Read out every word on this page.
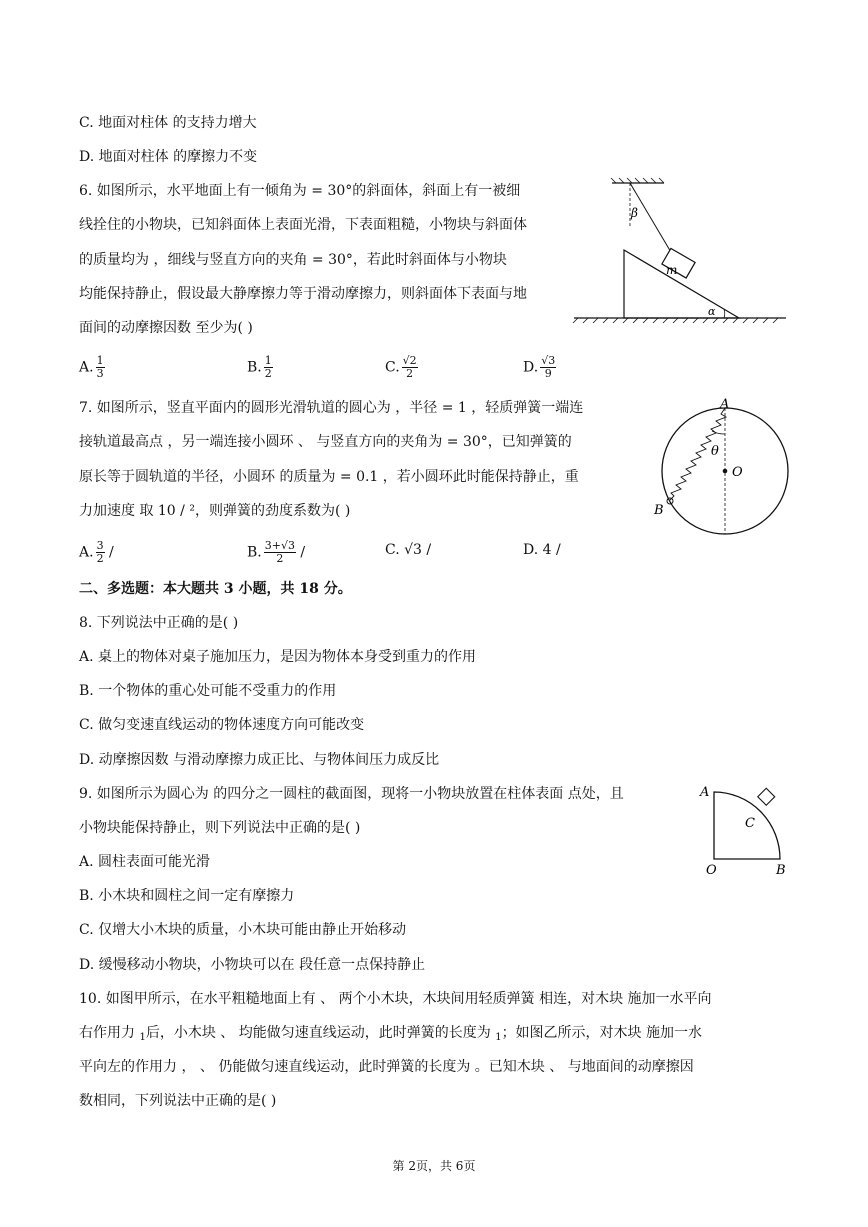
C. 地面对柱体 的支持力增大
D. 地面对柱体 的摩擦力不变
6. 如图所示，水平地面上有一倾角为 = 30°的斜面体，斜面上有一被细
线拴住的小物块，已知斜面体上表面光滑，下表面粗糙，小物块与斜面体
的质量均为 ，细线与竖直方向的夹角 = 30°，若此时斜面体与小物块
均能保持静止，假设最大静摩擦力等于滑动摩擦力，则斜面体下表面与地
面间的动摩擦因数 至少为( )
A. $\frac{1}{3}$	B. $\frac{1}{2}$	C. $\frac{√2}{2}$	D. $\frac{√3}{9}$
7. 如图所示，竖直平面内的圆形光滑轨道的圆心为 ，半径 = 1 ，轻质弹簧一端连
接轨道最高点 ，另一端连接小圆环 、 与竖直方向的夹角为 = 30°，已知弹簧的
原长等于圆轨道的半径，小圆环 的质量为 = 0.1 ，若小圆环此时能保持静止，重
力加速度 取 10 / ²，则弹簧的劲度系数为( )
A. $\frac{3}{2}$ /	B. $\frac{3+√3}{2}$ /	C. √3 /	D. 4 /
二、多选题：本大题共 3 小题，共 18 分。
8. 下列说法中正确的是( )
A. 桌上的物体对桌子施加压力，是因为物体本身受到重力的作用
B. 一个物体的重心处可能不受重力的作用
C. 做匀变速直线运动的物体速度方向可能改变
D. 动摩擦因数 与滑动摩擦力成正比、与物体间压力成反比
9. 如图所示为圆心为 的四分之一圆柱的截面图，现将一小物块放置在柱体表面 点处，且
小物块能保持静止，则下列说法中正确的是( )
A. 圆柱表面可能光滑
B. 小木块和圆柱之间一定有摩擦力
C. 仅增大小木块的质量，小木块可能由静止开始移动
D. 缓慢移动小物块，小物块可以在 段任意一点保持静止
10. 如图甲所示，在水平粗糙地面上有 、 两个小木块，木块间用轻质弹簧 相连，对木块 施加一水平向
右作用力 $_1$后，小木块 、 均能做匀速直线运动，此时弹簧的长度为 $_1$；如图乙所示，对木块 施加一水
平向左的作用力 ， 、 仍能做匀速直线运动，此时弹簧的长度为 。已知木块 、 与地面间的动摩擦因
数相同，下列说法中正确的是( )
β
m
α
A
θ
O
B
A
C
O	B
第 2页，共 6页
